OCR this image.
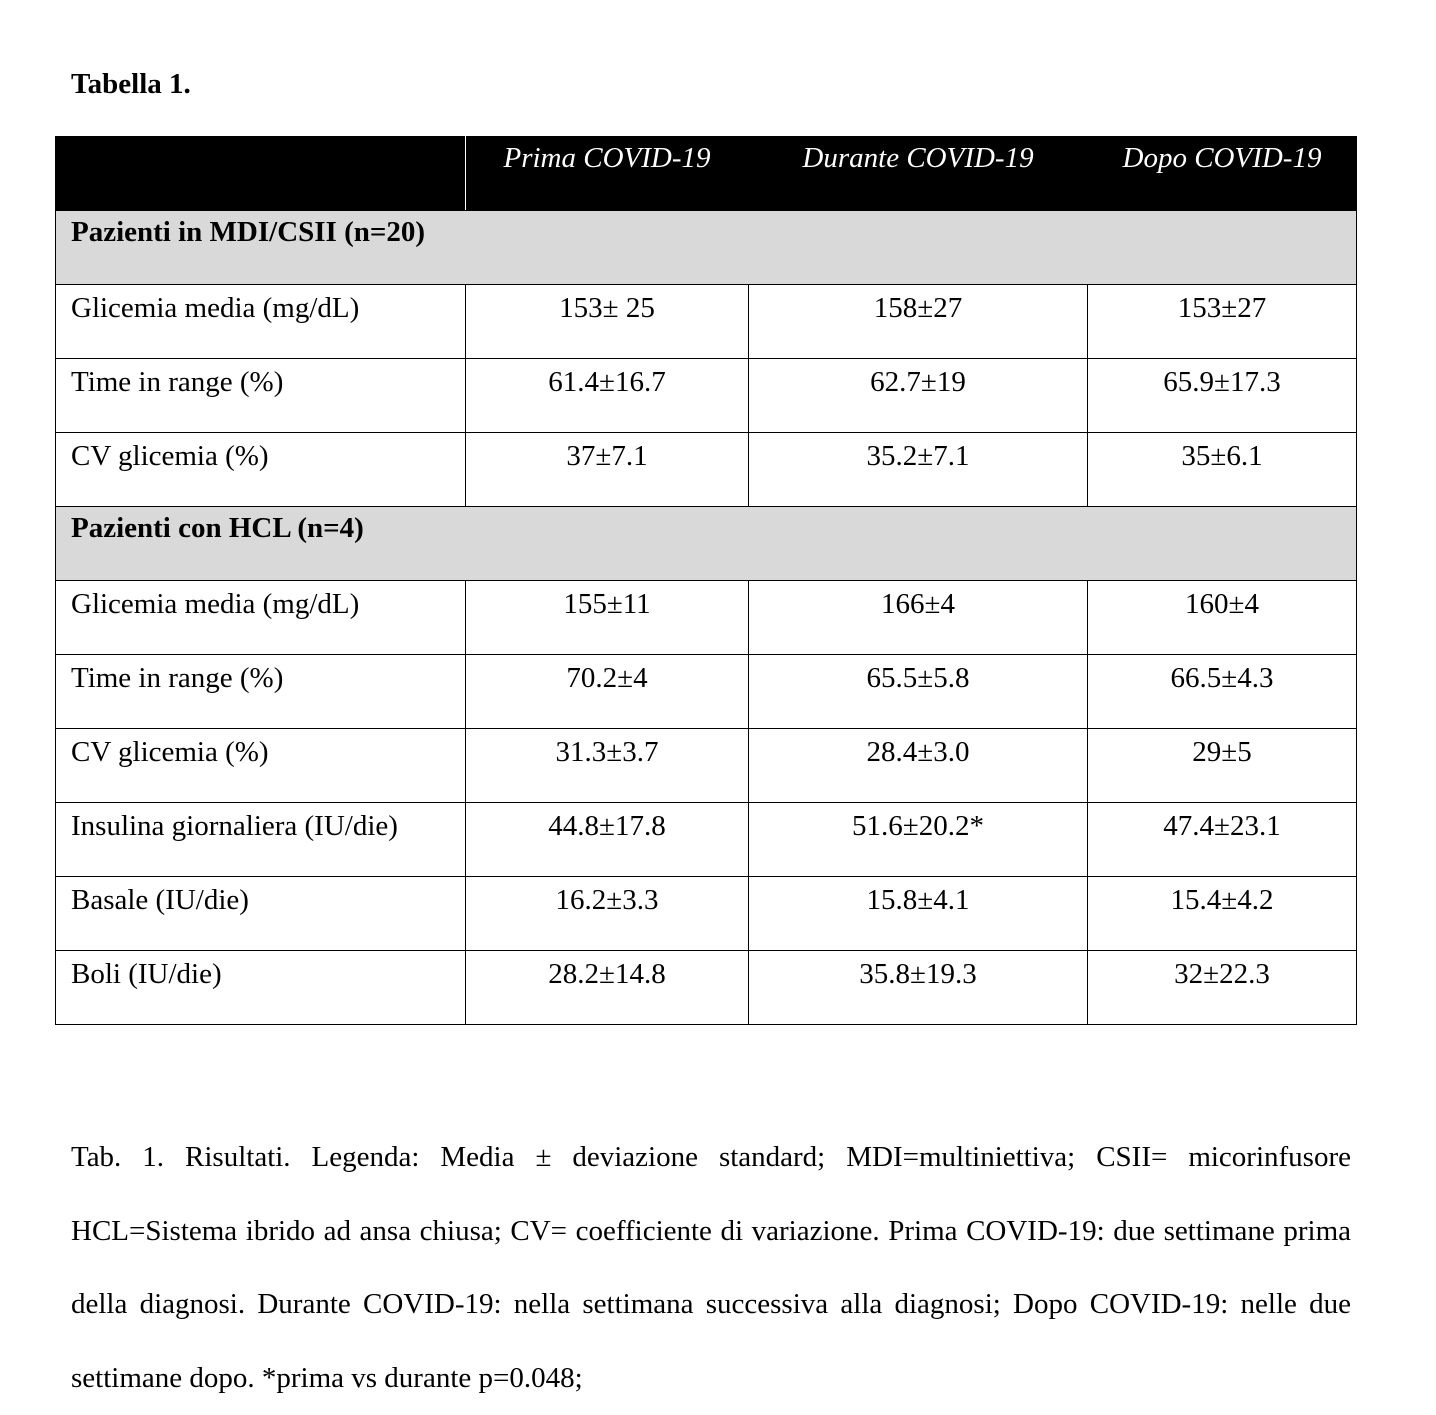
Tabella 1.

	Prima COVID-19	Durante COVID-19	Dopo COVID-19

Pazienti in MDI/CSII (n=20)			

Glicemia media (mg/dL)	153± 25	158±27	153±27

Time in range (%)	61.4±16.7	62.7±19	65.9±17.3

CV glicemia (%)	37±7.1	35.2±7.1	35±6.1

Pazienti con HCL (n=4)			

Glicemia media (mg/dL)	155±11	166±4	160±4

Time in range (%)	70.2±4	65.5±5.8	66.5±4.3

CV glicemia (%)	31.3±3.7	28.4±3.0	29±5

Insulina giornaliera (IU/die)	44.8±17.8	51.6±20.2*	47.4±23.1

Basale (IU/die)	16.2±3.3	15.8±4.1	15.4±4.2

Boli (IU/die)	28.2±14.8	35.8±19.3	32±22.3

Tab. 1. Risultati. Legenda: Media ± deviazione standard; MDI=multiniettiva; CSII= micorinfusore HCL=Sistema ibrido ad ansa chiusa; CV= coefficiente di variazione. Prima COVID-19: due settimane prima della diagnosi. Durante COVID-19: nella settimana successiva alla diagnosi; Dopo COVID-19: nelle due settimane dopo. *prima vs durante p=0.048;
